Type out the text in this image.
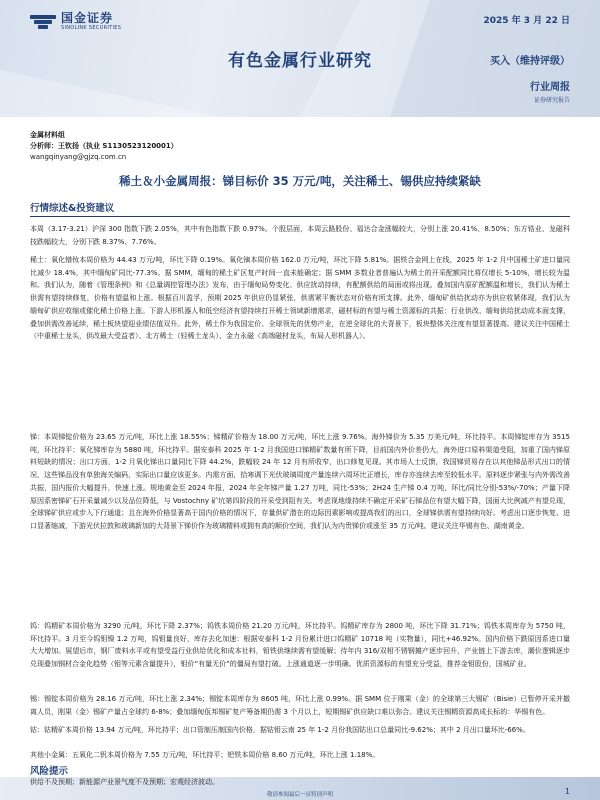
国金证券
SINOLINK SECURITIES
2025 年 3 月 22 日
有色金属行业研究	买入（维持评级）
行业周报
证券研究报告
金属材料组
分析师：王钦扬（执业 S1130523120001）
wangqinyang@gjzq.com.cn
稀土＆小金属周报：锑目标价 35 万元/吨，关注稀土、锡供应持续紧缺
行情综述&投资建议
本周（3.17-3.21）沪深 300 指数下跌 2.05%，其中有色指数下跌 0.97%。个股层面，本周云路股份、福达合金涨幅较大，分别上涨 20.41%、8.50%；东方锆业、龙磁科技跌幅较大，分别下跌 8.37%、7.76%。
稀土：氧化镨钕本周价格为 44.43 万元/吨，环比下降 0.19%。氧化镝本周价格 162.0 万元/吨，环比下降 5.81%。据铁合金网上在线，2025 年 1-2 月中国稀土矿进口量同比减少 18.4%，其中缅甸矿同比-77.3%。据 SMM，缅甸的稀土矿区复产时间一直未能确定；据 SMM 多数业者普遍认为稀土的开采配额同比将仅增长 5-10%，增长较为温和。我们认为，随着《管理条例》和《总量调控管理办法》发布，由于缅甸局势变化、供应扰动持续，有配额供给的局面或将出现。叠加国内原矿配额温和增长，我们认为稀土供需有望持续修复，价格有望温和上涨。根据百川盈孚，预期 2025 年供应仍显紧张，供需紧平衡状态对价格有所支撑。此外，缅甸矿供给扰动亦为供应收紧体现，我们认为缅甸矿供应收缩或催化稀土价格上涨。下游人形机器人和低空经济有望持续打开稀土领域新增需求，磁材标的有望与稀土资源标的共振：行业供改、缅甸供给扰动成本面支撑，叠加供需改善延续，稀土板块望迎业绩估值双升。此外，稀土作为我国定价、全球领先的优势产业，在逆全球化的大背景下，板块整体关注度有望显著提高。建议关注中国稀土（中重稀土龙头，供改最大受益者）、北方稀土（轻稀土龙头）、金力永磁（高端磁材龙头，布局人形机器人）。
锑：本周锑锭价格为 23.65 万元/吨，环比上涨 18.55%；锑精矿价格为 18.00 万元/吨，环比上涨 9.76%。海外锑价为 5.35 万美元/吨，环比持平。本周锑锭库存为 3515 吨，环比持平；氧化锑库存为 5880 吨，环比持平。据安泰科 2025 年 1-2 月我国进口锑精矿数量有所下降，目前国内外价差仍大，海外进口原料渠道受阻，加重了国内锑原料短缺的情况；出口方面，1-2 月氧化锑出口量同比下降 44.2%，跌幅较 24 年 12 月有所收窄，出口修复见现。其市场人士反馈，我国锑贸易存在以其他锑品形式出口的情况，这些锑品没有单独海关编码，实际出口量应该更多。内需方面，拾寒调下光伏玻璃周度产量连续六周环比正增长，库存亦连续去库至较低水平。原料逐步紧张与内外需改善共振，国内报价大幅提升，快速上涨。规地黄金至 2024 年报，2024 年全年锑产量 1.27 万吨，同比-53%；2H24 生产锑 0.4 万吨，环比/同比分别-53%/-70%；产量下降原因系密锑矿石开采量减少以及品位降低，与 Vostochny 矿坑第四阶段的开采受到阻有关。考虑视地缘持续不确定开采矿石锑品位有望大幅下降，国面大比例减产有望兑现，全球锑矿供应或步入下行通道；且在海外价格显著高于国内价格的情况下，存量供矿潜在的边际因素影响或提高我们的出口，全球锑供需有望持续向好。考虑出口逐步恢复、进口显著缩减，下游光伏拉敦和玻璃新加的大背景下锑价作为玻璃精料或拥有高的顺价空间，我们认为内贵锑价或涨至 35 万元/吨。建议关注华锡有色、湖南黄金。
钨：钨精矿本周价格为 3290 元/吨，环比下降 2.37%；钨铁本周价格 21.20 万元/吨，环比持平。钨精矿库存为 2800 吨，环比下降 31.71%；钨铁本周库存为 5750 吨，环比持平。3 月至今钨钼镍 1.2 万吨，钨钼量良好，库存去化加速：根据安泰科 1-2 月份累计进口钨精矿 10718 吨（实物量），同比+46.92%。国内价格下跌原因系进口量大大增加。展望后市，钢厂废料水平或有望受益行业供给优化和成本社料，钼铁供继续需有望缓解；待年内 316/双相不锈钢摊产逐步回升，产业链上下游去库，潮价逻辑逐步兑现叠加钢材合金化趋势（钼等元素含量提升），钼价“有量无价”的僵局有望打破。上涨通道逐一步明确。优质资源标的有望充分受益，推荐金钼股份，国城矿业。
锡：锡锭本周价格为 28.16 万元/吨，环比上涨 2.34%；锡锭本周库存为 8605 吨，环比上涨 0.99%。据 SMM 位于刚果（金）的全球第三大锡矿（Bisie）已暂停开采并撤离人员，刚果（金）锡矿产量占全球约 6-8%；叠加缅甸佤邦锡矿复产筹备期仍需 3 个月以上，短期锡矿供应缺口难以弥合。建议关注锡精资源高成长标的：华锡有色。
钴：钴精矿本周价格 13.94 万元/吨，环比持平；出口管制压制国内价格，据钴钼云南 25 年 1-2 月份我国钴出口总量同比-9.62%；其中 2 月出口量环比-66%。
其他小金属：五氧化二钒本周价格为 7.55 万元/吨，环比持平；钯铁本周价格 8.60 万元/吨，环比上涨 1.18%。
风险提示
供给不及预期；新能源产业景气度不及预期；宏观经济波动。
敬请参阅最后一页特别声明	1
